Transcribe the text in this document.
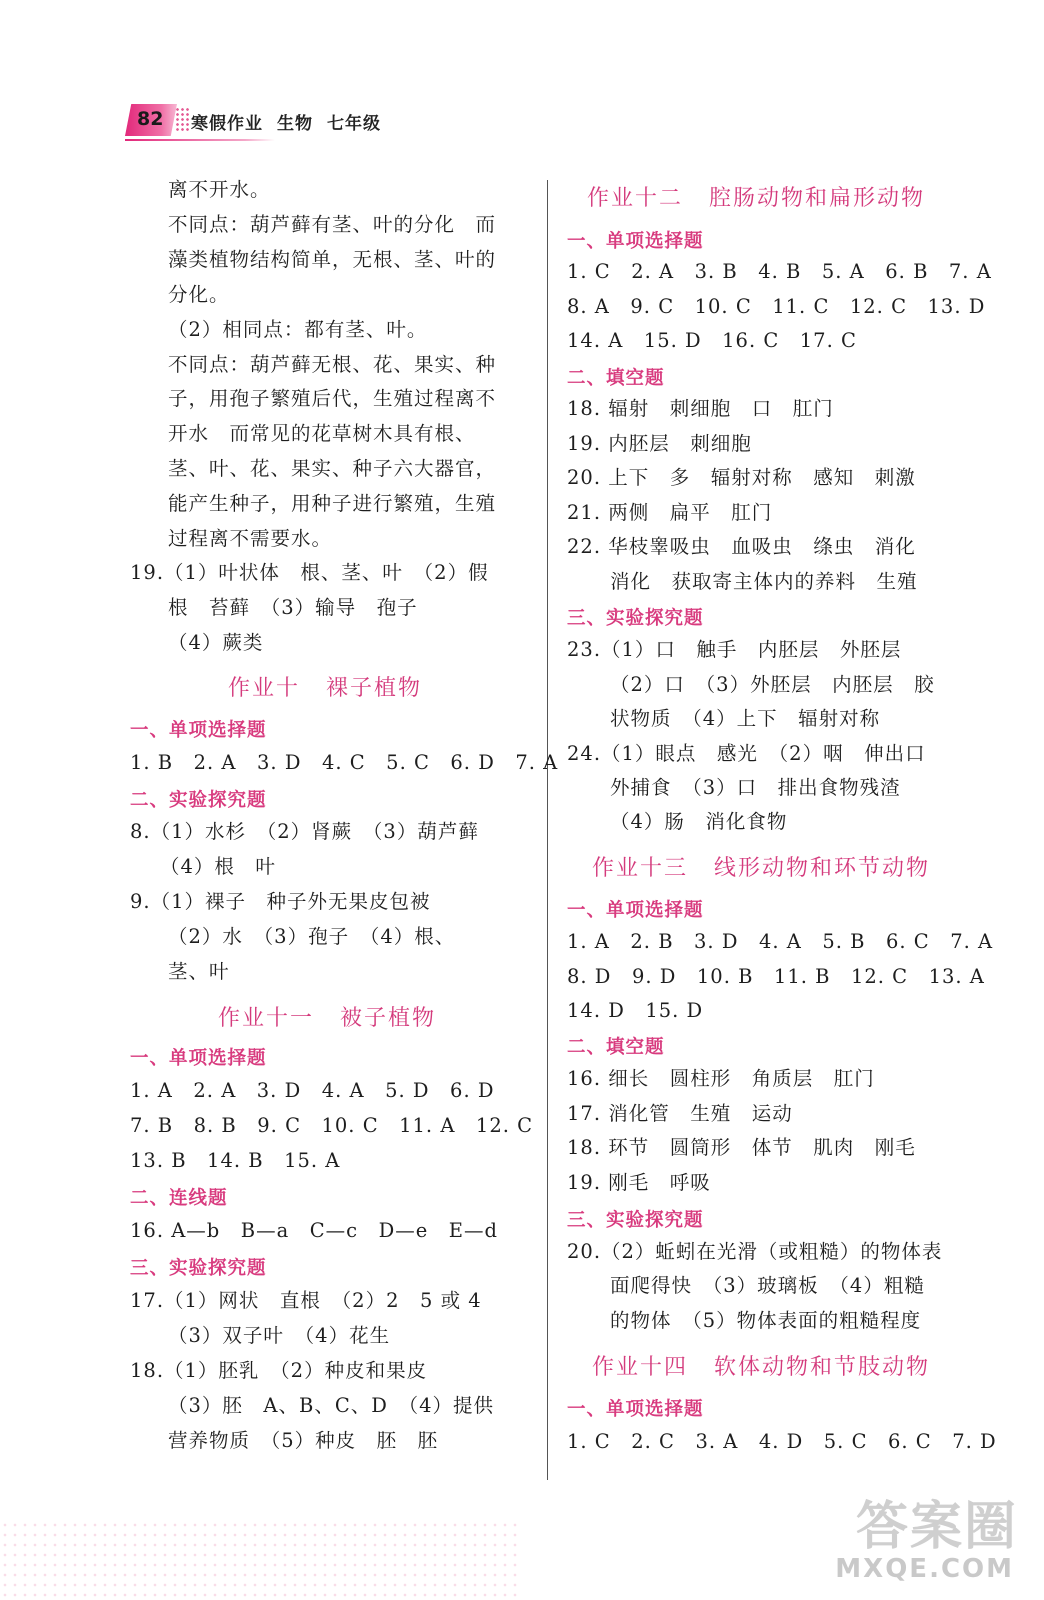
82 寒假作业 生物 七年级
离不开水。
不同点：葫芦藓有茎、叶的分化　而
藻类植物结构简单，无根、茎、叶的
分化。
（2）相同点：都有茎、叶。
不同点：葫芦藓无根、花、果实、种
子，用孢子繁殖后代，生殖过程离不
开水　而常见的花草树木具有根、
茎、叶、花、果实、种子六大器官，
能产生种子，用种子进行繁殖，生殖
过程离不需要水。
19.（1）叶状体　根、茎、叶　（2）假
根　苔藓　（3）输导　孢子
（4）蕨类
作业十 裸子植物
一、单项选择题
1. B　2. A　3. D　4. C　5. C　6. D　7. A
二、实验探究题
8.（1）水杉　（2）肾蕨　（3）葫芦藓
（4）根　叶
9.（1）裸子　种子外无果皮包被
（2）水　（3）孢子　（4）根、
茎、叶
作业十一 被子植物
一、单项选择题
1. A　2. A　3. D　4. A　5. D　6. D
7. B　8. B　9. C　10. C　11. A　12. C
13. B　14. B　15. A
二、连线题
16. A—b　B—a　C—c　D—e　E—d
三、实验探究题
17.（1）网状　直根　（2）2　5 或 4
（3）双子叶　（4）花生
18.（1）胚乳　（2）种皮和果皮
（3）胚　A、B、C、D　（4）提供
营养物质　（5）种皮　胚　胚
作业十二 腔肠动物和扁形动物
一、单项选择题
1. C　2. A　3. B　4. B　5. A　6. B　7. A
8. A　9. C　10. C　11. C　12. C　13. D
14. A　15. D　16. C　17. C
二、填空题
18. 辐射　刺细胞　口　肛门
19. 内胚层　刺细胞
20. 上下　多　辐射对称　感知　刺激
21. 两侧　扁平　肛门
22. 华枝睾吸虫　血吸虫　绦虫　消化
消化　获取寄主体内的养料　生殖
三、实验探究题
23.（1）口　触手　内胚层　外胚层
（2）口　（3）外胚层　内胚层　胶
状物质　（4）上下　辐射对称
24.（1）眼点　感光　（2）咽　伸出口
外捕食　（3）口　排出食物残渣
（4）肠　消化食物
作业十三 线形动物和环节动物
一、单项选择题
1. A　2. B　3. D　4. A　5. B　6. C　7. A
8. D　9. D　10. B　11. B　12. C　13. A
14. D　15. D
二、填空题
16. 细长　圆柱形　角质层　肛门
17. 消化管　生殖　运动
18. 环节　圆筒形　体节　肌肉　刚毛
19. 刚毛　呼吸
三、实验探究题
20.（2）蚯蚓在光滑（或粗糙）的物体表
面爬得快　（3）玻璃板　（4）粗糙
的物体　（5）物体表面的粗糙程度
作业十四 软体动物和节肢动物
一、单项选择题
1. C　2. C　3. A　4. D　5. C　6. C　7. D
答案圈
MXQE.COM
